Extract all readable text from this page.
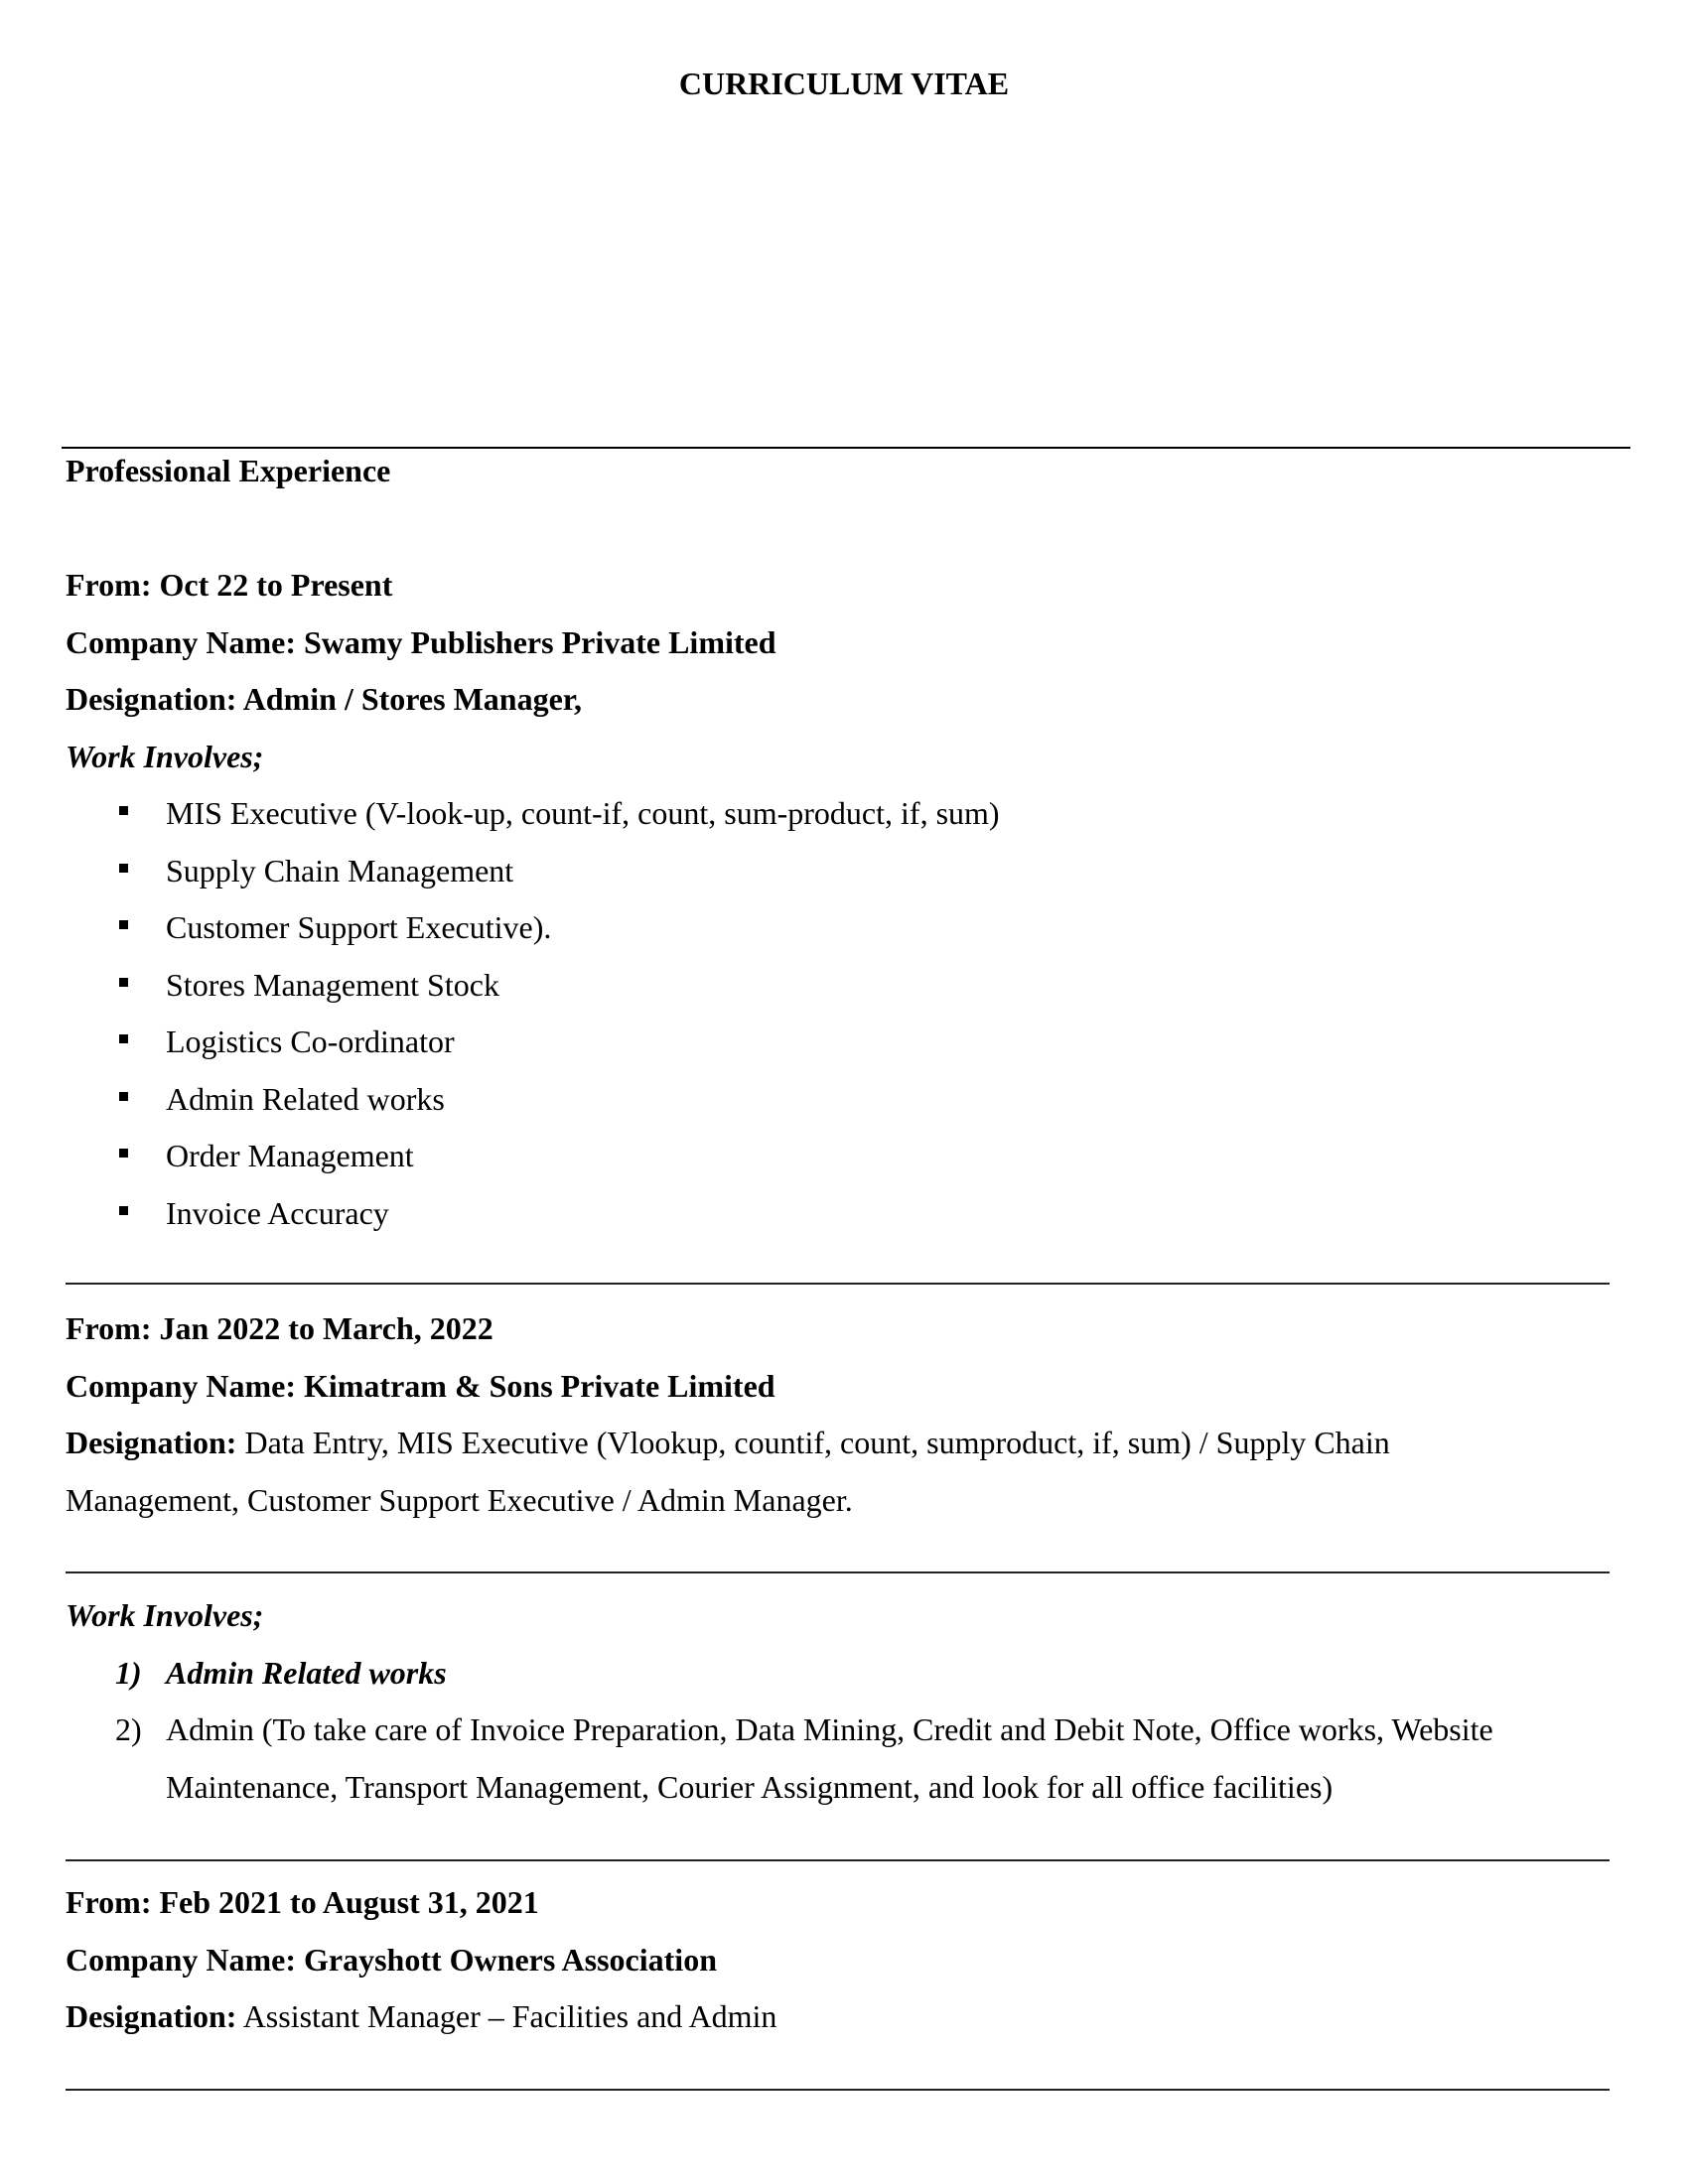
CURRICULUM VITAE
Professional Experience
From: Oct 22 to Present
Company Name: Swamy Publishers Private Limited
Designation: Admin / Stores Manager,
Work Involves;
MIS Executive (V-look-up, count-if, count, sum-product, if, sum)
Supply Chain Management
Customer Support Executive).
Stores Management Stock
Logistics Co-ordinator
Admin Related works
Order Management
Invoice Accuracy
From: Jan 2022 to March, 2022
Company Name: Kimatram & Sons Private Limited
Designation: Data Entry, MIS Executive (Vlookup, countif, count, sumproduct, if, sum) / Supply Chain
Management, Customer Support Executive / Admin Manager.
Work Involves;
1) Admin Related works
2) Admin (To take care of Invoice Preparation, Data Mining, Credit and Debit Note, Office works, Website
Maintenance, Transport Management, Courier Assignment, and look for all office facilities)
From: Feb 2021 to August 31, 2021
Company Name: Grayshott Owners Association
Designation: Assistant Manager – Facilities and Admin
